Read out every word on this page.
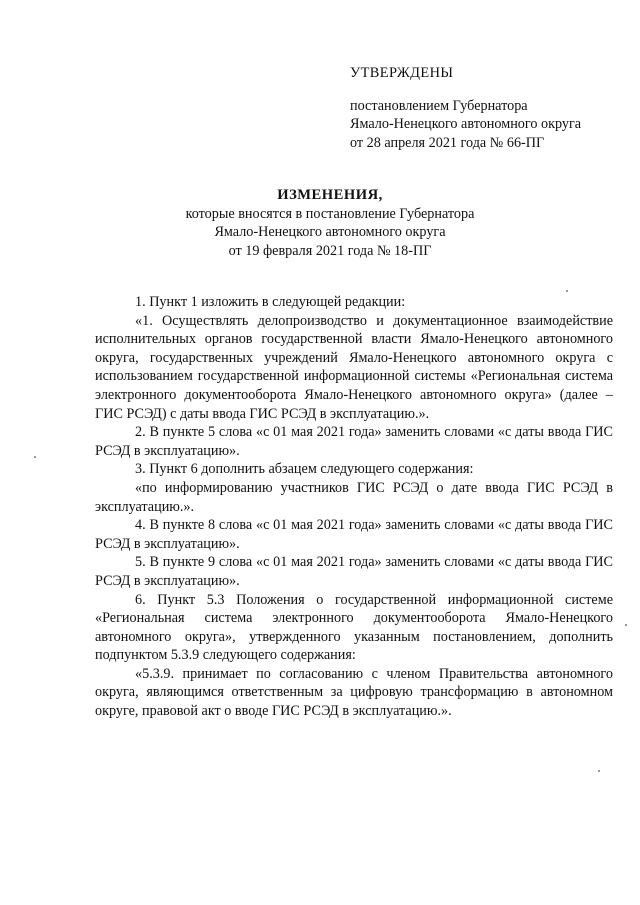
УТВЕРЖДЕНЫ
постановлением Губернатора
Ямало-Ненецкого автономного округа
от 28 апреля 2021 года № 66-ПГ
ИЗМЕНЕНИЯ,
которые вносятся в постановление Губернатора
Ямало-Ненецкого автономного округа
от 19 февраля 2021 года № 18-ПГ

1. Пункт 1 изложить в следующей редакции:

«1. Осуществлять делопроизводство и документационное взаимодействие исполнительных органов государственной власти Ямало-Ненецкого автономного округа, государственных учреждений Ямало-Ненецкого автономного округа с использованием государственной информационной системы «Региональная система электронного документооборота Ямало-Ненецкого автономного округа» (далее – ГИС РСЭД) с даты ввода ГИС РСЭД в эксплуатацию.».

2. В пункте 5 слова «с 01 мая 2021 года» заменить словами «с даты ввода ГИС РСЭД в эксплуатацию».

3. Пункт 6 дополнить абзацем следующего содержания:

«по информированию участников ГИС РСЭД о дате ввода ГИС РСЭД в эксплуатацию.».

4. В пункте 8 слова «с 01 мая 2021 года» заменить словами «с даты ввода ГИС РСЭД в эксплуатацию».

5. В пункте 9 слова «с 01 мая 2021 года» заменить словами «с даты ввода ГИС РСЭД в эксплуатацию».

6. Пункт 5.3 Положения о государственной информационной системе «Региональная система электронного документооборота Ямало-Ненецкого автономного округа», утвержденного указанным постановлением, дополнить подпунктом 5.3.9 следующего содержания:

«5.3.9. принимает по согласованию с членом Правительства автономного округа, являющимся ответственным за цифровую трансформацию в автономном округе, правовой акт о вводе ГИС РСЭД в эксплуатацию.».
